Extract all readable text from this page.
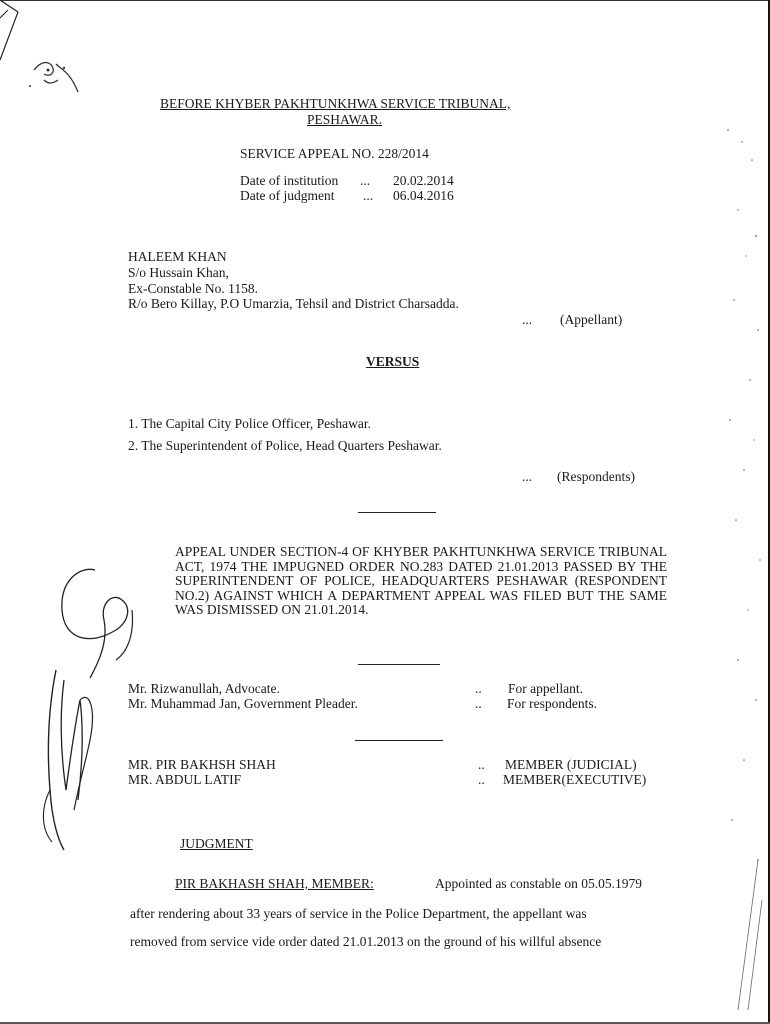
BEFORE KHYBER PAKHTUNKHWA SERVICE TRIBUNAL,
PESHAWAR.
SERVICE APPEAL NO. 228/2014
Date of institution ... 20.02.2014
Date of judgment ... 06.04.2016
HALEEM KHAN
S/o Hussain Khan,
Ex-Constable No. 1158.
R/o Bero Killay, P.O Umarzia, Tehsil and District Charsadda.
... (Appellant)
VERSUS
1. The Capital City Police Officer, Peshawar.
2. The Superintendent of Police, Head Quarters Peshawar.
... (Respondents)
APPEAL UNDER SECTION-4 OF KHYBER PAKHTUNKHWA SERVICE TRIBUNAL ACT, 1974 THE IMPUGNED ORDER NO.283 DATED 21.01.2013 PASSED BY THE SUPERINTENDENT OF POLICE, HEADQUARTERS PESHAWAR (RESPONDENT NO.2) AGAINST WHICH A DEPARTMENT APPEAL WAS FILED BUT THE SAME WAS DISMISSED ON 21.01.2014.
Mr. Rizwanullah, Advocate.	.. For appellant.
Mr. Muhammad Jan, Government Pleader.	.. For respondents.
MR. PIR BAKHSH SHAH	.. MEMBER (JUDICIAL)
MR. ABDUL LATIF	.. MEMBER(EXECUTIVE)
JUDGMENT
PIR BAKHASH SHAH, MEMBER:	Appointed as constable on 05.05.1979
after rendering about 33 years of service in the Police Department, the appellant was
removed from service vide order dated 21.01.2013 on the ground of his willful absence
